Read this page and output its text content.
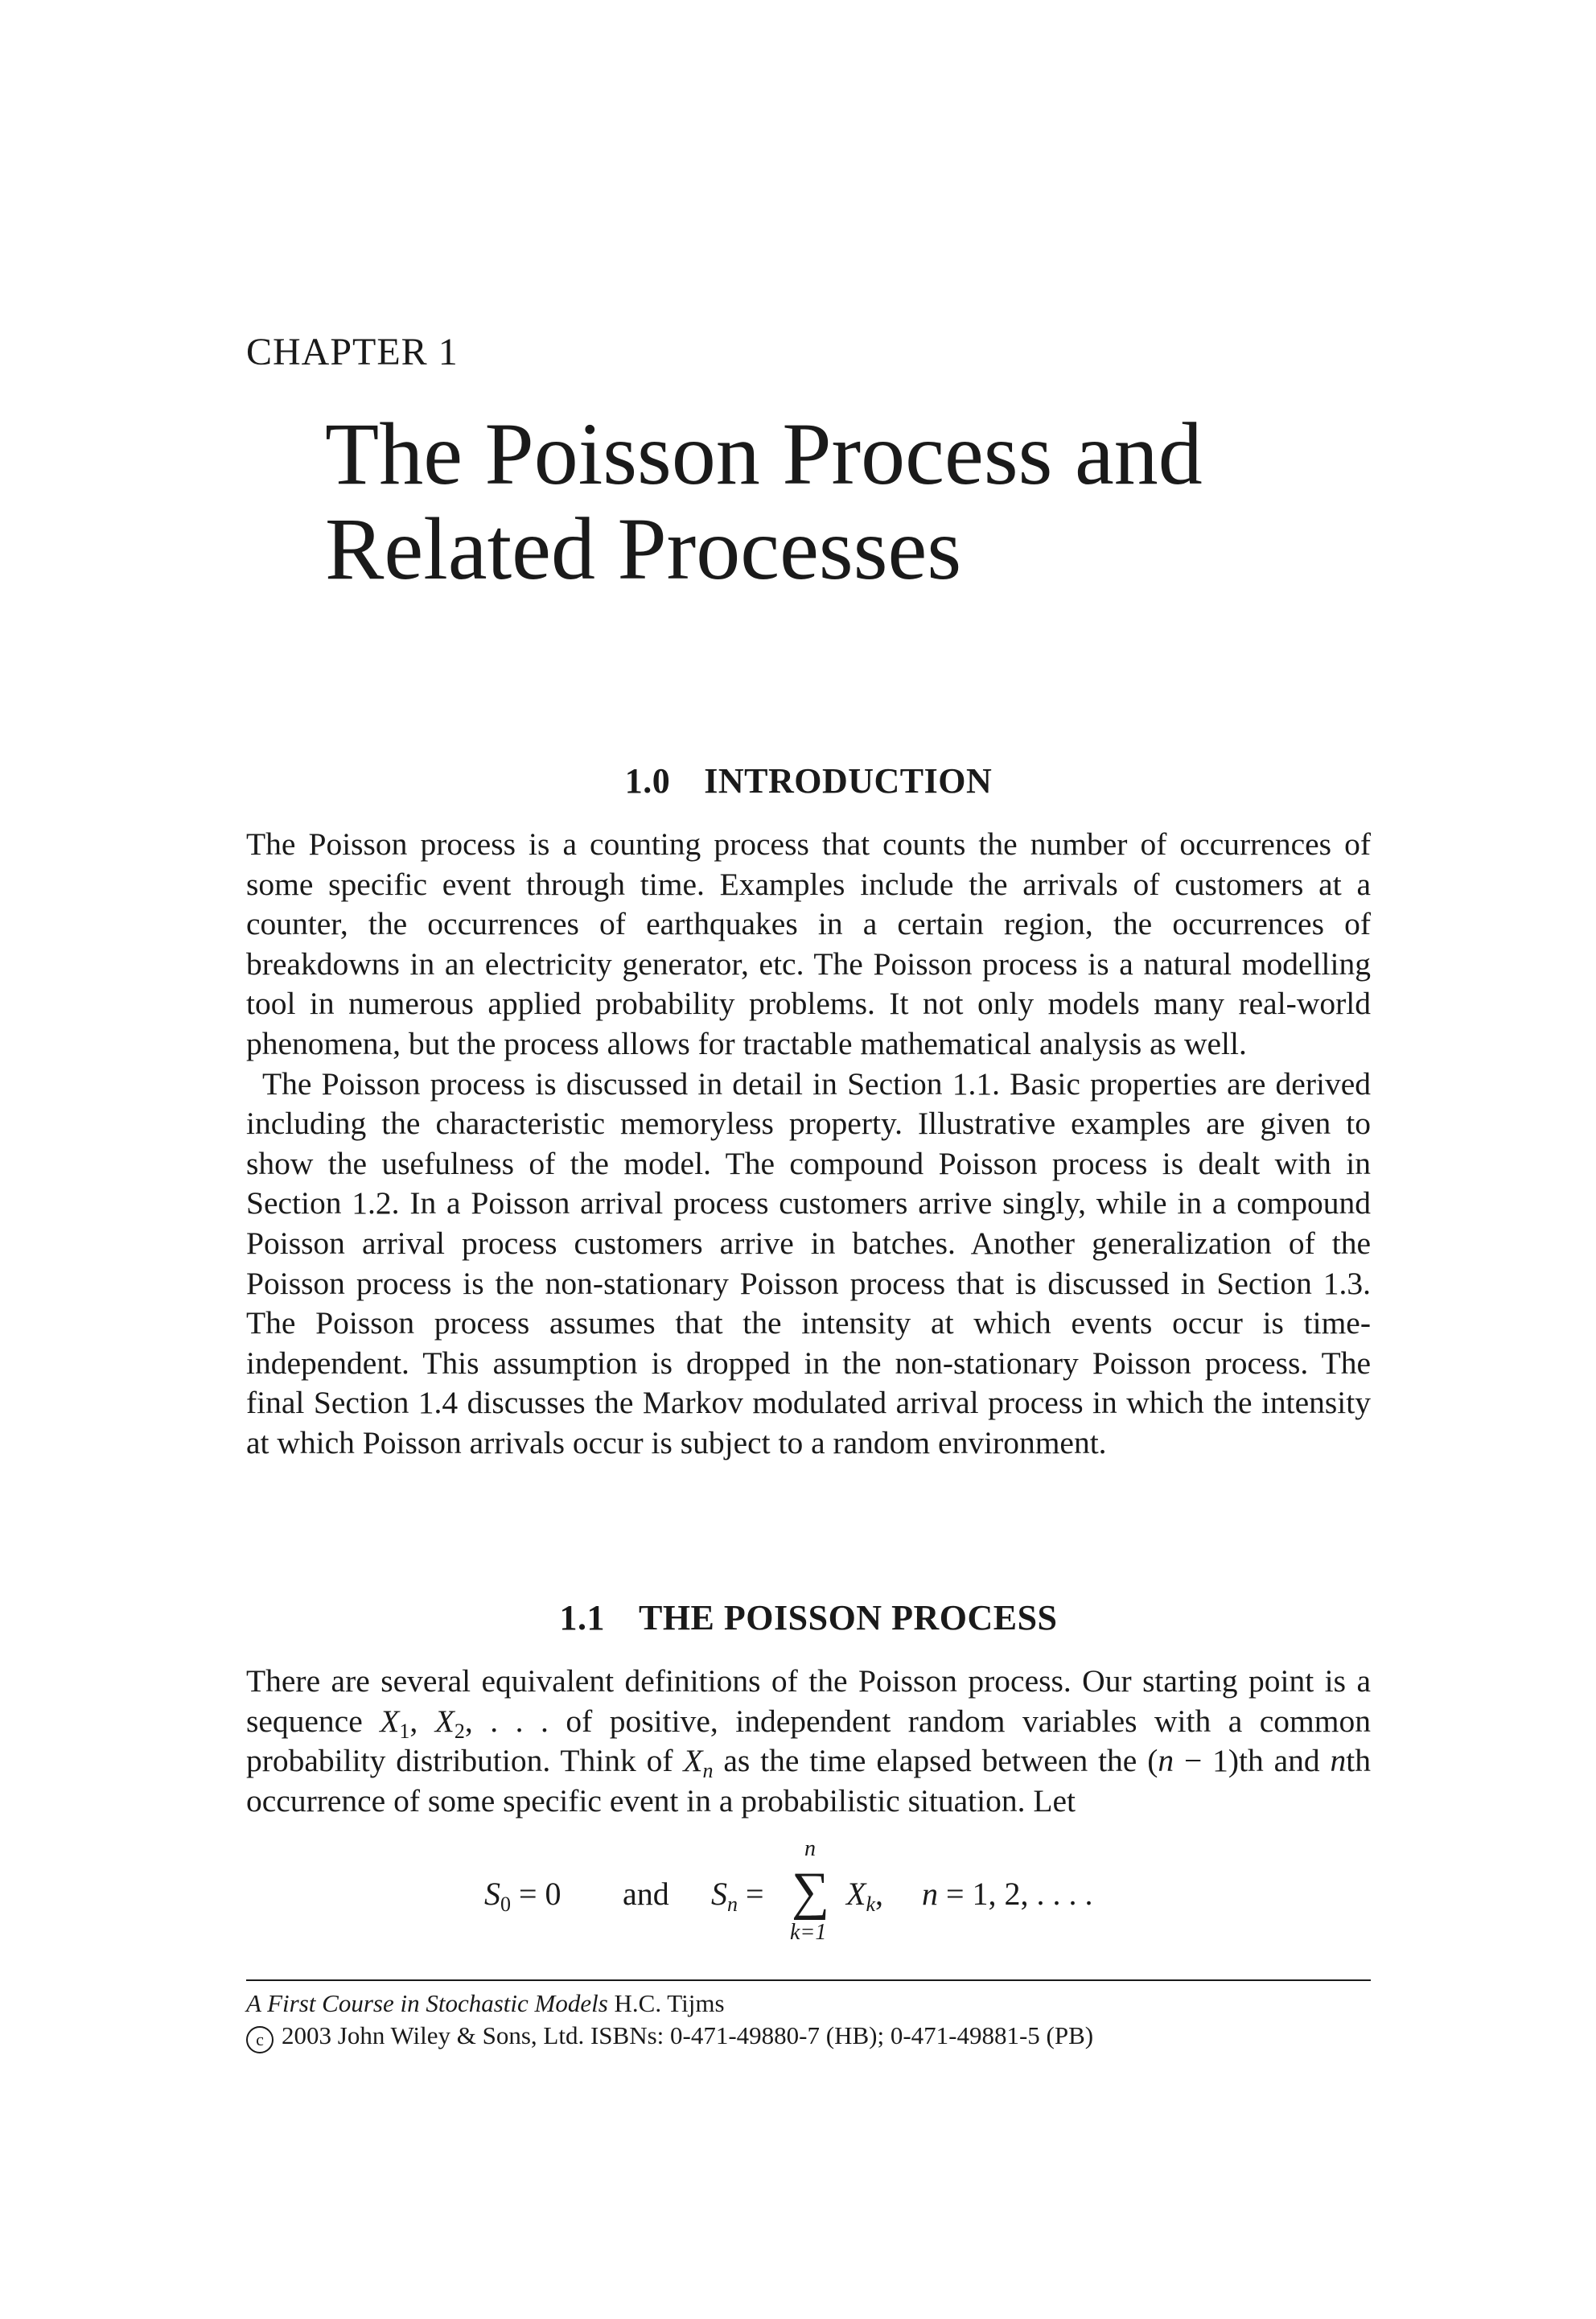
CHAPTER 1

The Poisson Process and
Related Processes
1.0 INTRODUCTION

The Poisson process is a counting process that counts the number of occurrences of some specific event through time. Examples include the arrivals of customers at a counter, the occurrences of earthquakes in a certain region, the occurrences of breakdowns in an electricity generator, etc. The Poisson process is a natural modelling tool in numerous applied probability problems. It not only models many real-world phenomena, but the process allows for tractable mathematical analysis as well.

The Poisson process is discussed in detail in Section 1.1. Basic properties are derived including the characteristic memoryless property. Illustrative examples are given to show the usefulness of the model. The compound Poisson process is dealt with in Section 1.2. In a Poisson arrival process customers arrive singly, while in a compound Poisson arrival process customers arrive in batches. Another generalization of the Poisson process is the non-stationary Poisson process that is discussed in Section 1.3. The Poisson process assumes that the intensity at which events occur is time-independent. This assumption is dropped in the non-stationary Poisson process. The final Section 1.4 discusses the Markov modulated arrival process in which the intensity at which Poisson arrivals occur is subject to a random environment.

1.1 THE POISSON PROCESS

There are several equivalent definitions of the Poisson process. Our starting point is a sequence $X_1$, $X_2$, . . . of positive, independent random variables with a common probability distribution. Think of $X_n$ as the time elapsed between the (n − 1)th and nth occurrence of some specific event in a probabilistic situation. Let

$S_0 = 0$ and $S_n$ =
n
∑
k=1
$X_k$, n = 1, 2, . . . .
A First Course in Stochastic Models H.C. Tijms
c 2003 John Wiley & Sons, Ltd. ISBNs: 0-471-49880-7 (HB); 0-471-49881-5 (PB)
